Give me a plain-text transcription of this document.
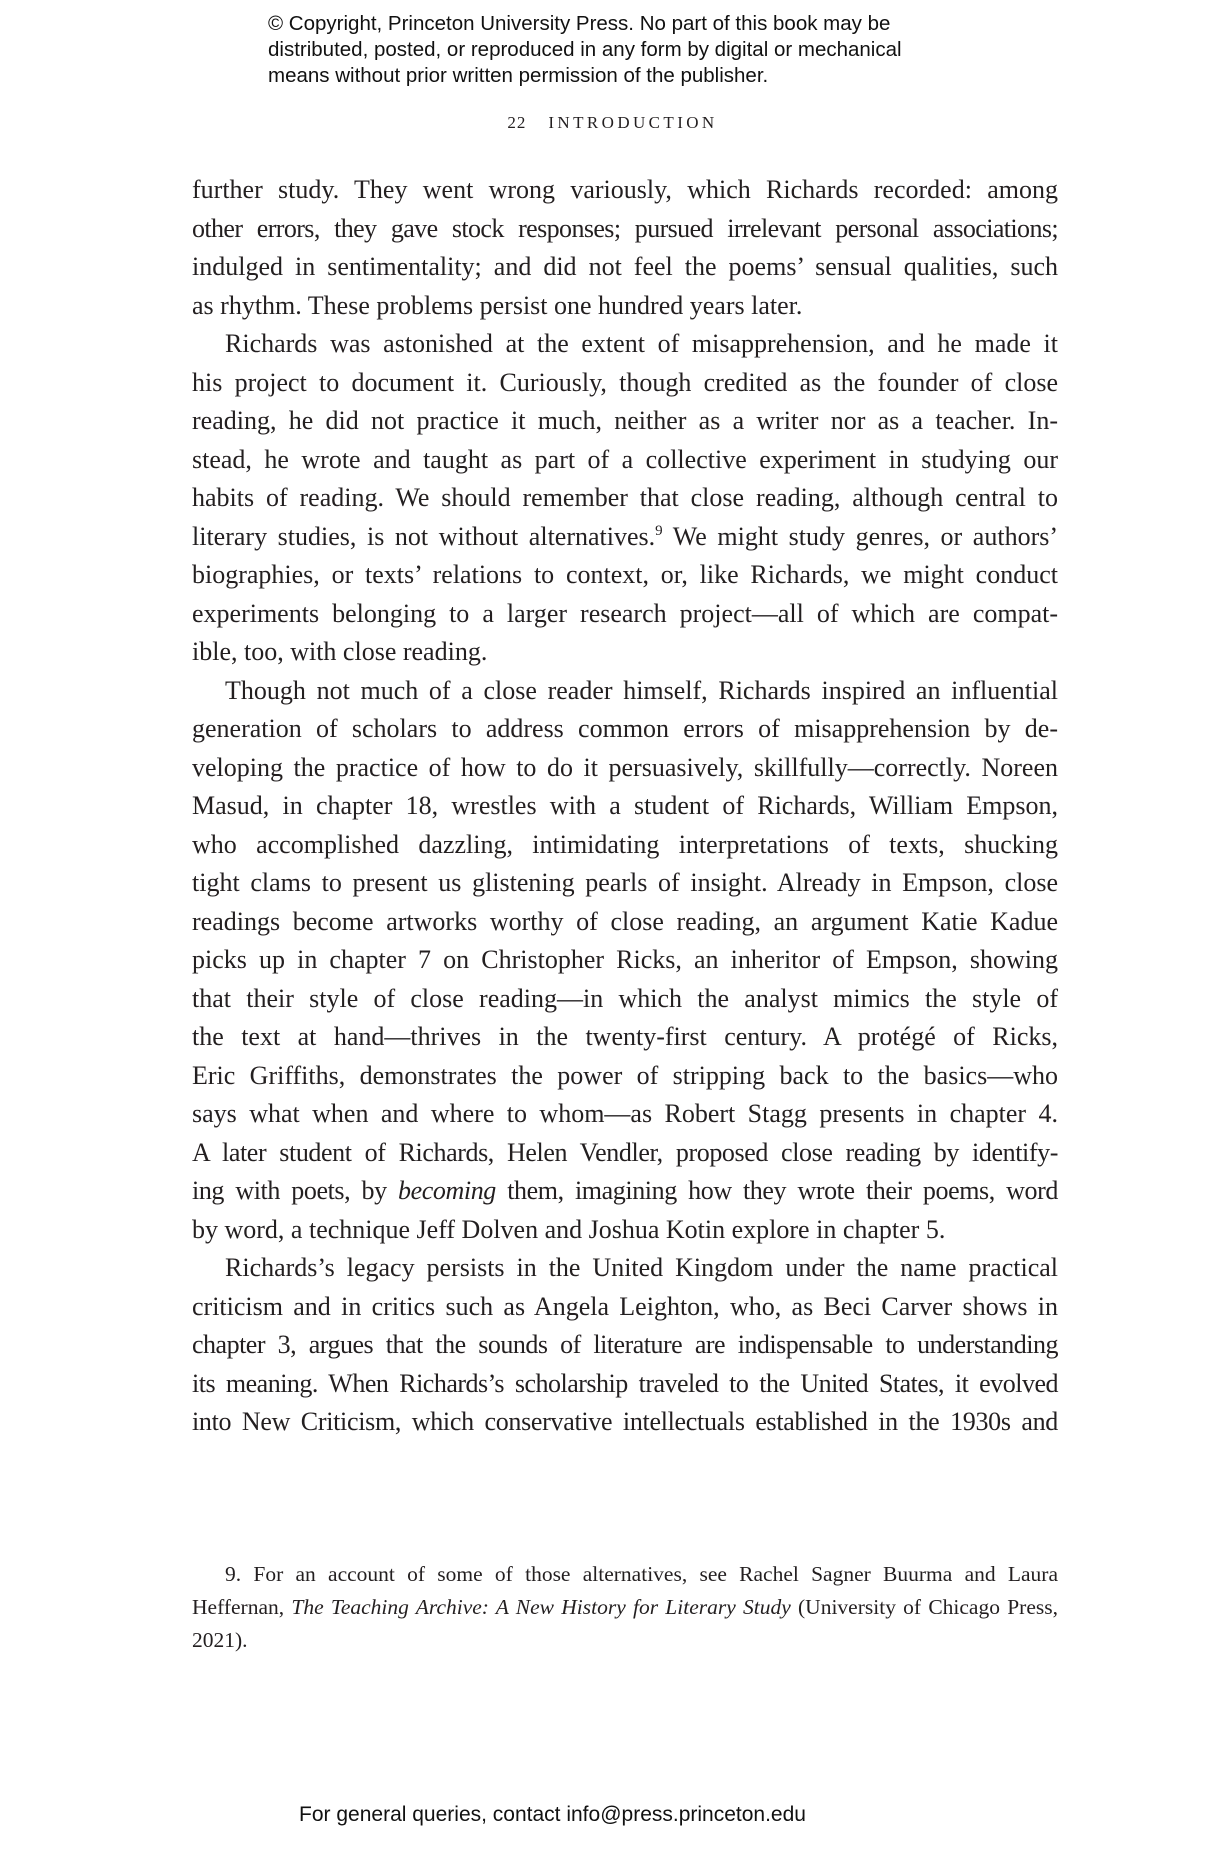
© Copyright, Princeton University Press. No part of this book may be
distributed, posted, or reproduced in any form by digital or mechanical
means without prior written permission of the publisher.
22 INTRODUCTION
further study. They went wrong variously, which Richards recorded: among
other errors, they gave stock responses; pursued irrelevant personal associations;
indulged in sentimentality; and did not feel the poems’ sensual qualities, such
as rhythm. These problems persist one hundred years later.
Richards was astonished at the extent of misapprehension, and he made it
his project to document it. Curiously, though credited as the founder of close
reading, he did not practice it much, neither as a writer nor as a teacher. In-
stead, he wrote and taught as part of a collective experiment in studying our
habits of reading. We should remember that close reading, although central to
literary studies, is not without alternatives.$^9$ We might study genres, or authors’
biographies, or texts’ relations to context, or, like Richards, we might conduct
experiments belonging to a larger research project—all of which are compat-
ible, too, with close reading.
Though not much of a close reader himself, Richards inspired an influential
generation of scholars to address common errors of misapprehension by de-
veloping the practice of how to do it persuasively, skillfully—correctly. Noreen
Masud, in chapter 18, wrestles with a student of Richards, William Empson,
who accomplished dazzling, intimidating interpretations of texts, shucking
tight clams to present us glistening pearls of insight. Already in Empson, close
readings become artworks worthy of close reading, an argument Katie Kadue
picks up in chapter 7 on Christopher Ricks, an inheritor of Empson, showing
that their style of close reading—in which the analyst mimics the style of
the text at hand—thrives in the twenty-first century. A protégé of Ricks,
Eric Griffiths, demonstrates the power of stripping back to the basics—who
says what when and where to whom—as Robert Stagg presents in chapter 4.
A later student of Richards, Helen Vendler, proposed close reading by identify-
ing with poets, by becoming them, imagining how they wrote their poems, word
by word, a technique Jeff Dolven and Joshua Kotin explore in chapter 5.
Richards’s legacy persists in the United Kingdom under the name practical
criticism and in critics such as Angela Leighton, who, as Beci Carver shows in
chapter 3, argues that the sounds of literature are indispensable to understanding
its meaning. When Richards’s scholarship traveled to the United States, it evolved
into New Criticism, which conservative intellectuals established in the 1930s and
9. For an account of some of those alternatives, see Rachel Sagner Buurma and Laura
Heffernan, The Teaching Archive: A New History for Literary Study (University of Chicago Press,
2021).
For general queries, contact info@press.princeton.edu
